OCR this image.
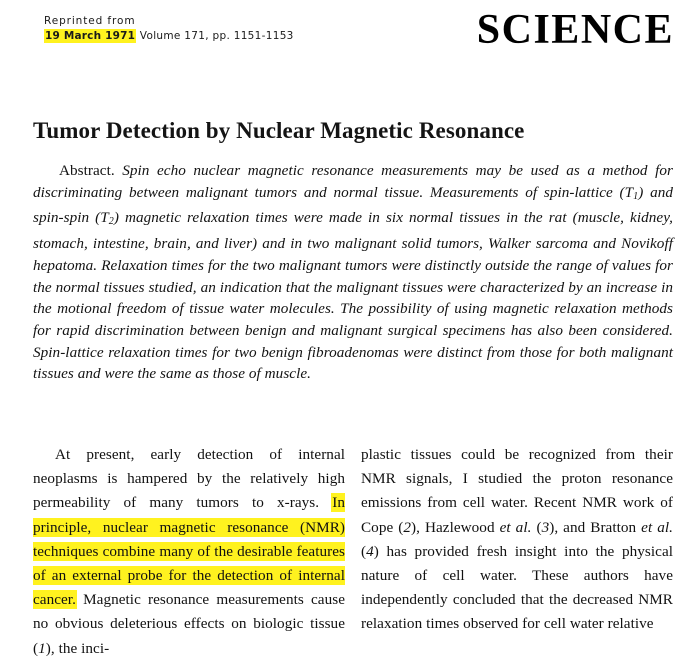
Reprinted from
19 March 1971 Volume 171, pp. 1151-1153	SCIENCE
Tumor Detection by Nuclear Magnetic Resonance
Abstract. Spin echo nuclear magnetic resonance measurements may be used as a method for discriminating between malignant tumors and normal tissue. Measurements of spin-lattice $(T_1)$ and spin-spin $(T_2)$ magnetic relaxation times were made in six normal tissues in the rat (muscle, kidney, stomach, intestine, brain, and liver) and in two malignant solid tumors, Walker sarcoma and Novikoff hepatoma. Relaxation times for the two malignant tumors were distinctly outside the range of values for the normal tissues studied, an indication that the malignant tissues were characterized by an increase in the motional freedom of tissue water molecules. The possibility of using magnetic relaxation methods for rapid discrimination between benign and malignant surgical specimens has also been considered. Spin-lattice relaxation times for two benign fibroadenomas were distinct from those for both malignant tissues and were the same as those of muscle.

At present, early detection of internal neoplasms is hampered by the relatively high permeability of many tumors to x-rays. In principle, nuclear magnetic resonance (NMR) techniques combine many of the desirable features of an external probe for the detection of internal cancer. Magnetic resonance measurements cause no obvious deleterious effects on biologic tissue (1), the inci-

plastic tissues could be recognized from their NMR signals, I studied the proton resonance emissions from cell water. Recent NMR work of Cope (2), Hazlewood et al. (3), and Bratton et al. (4) has provided fresh insight into the physical nature of cell water. These authors have independently concluded that the decreased NMR relaxation times observed for cell water relative
